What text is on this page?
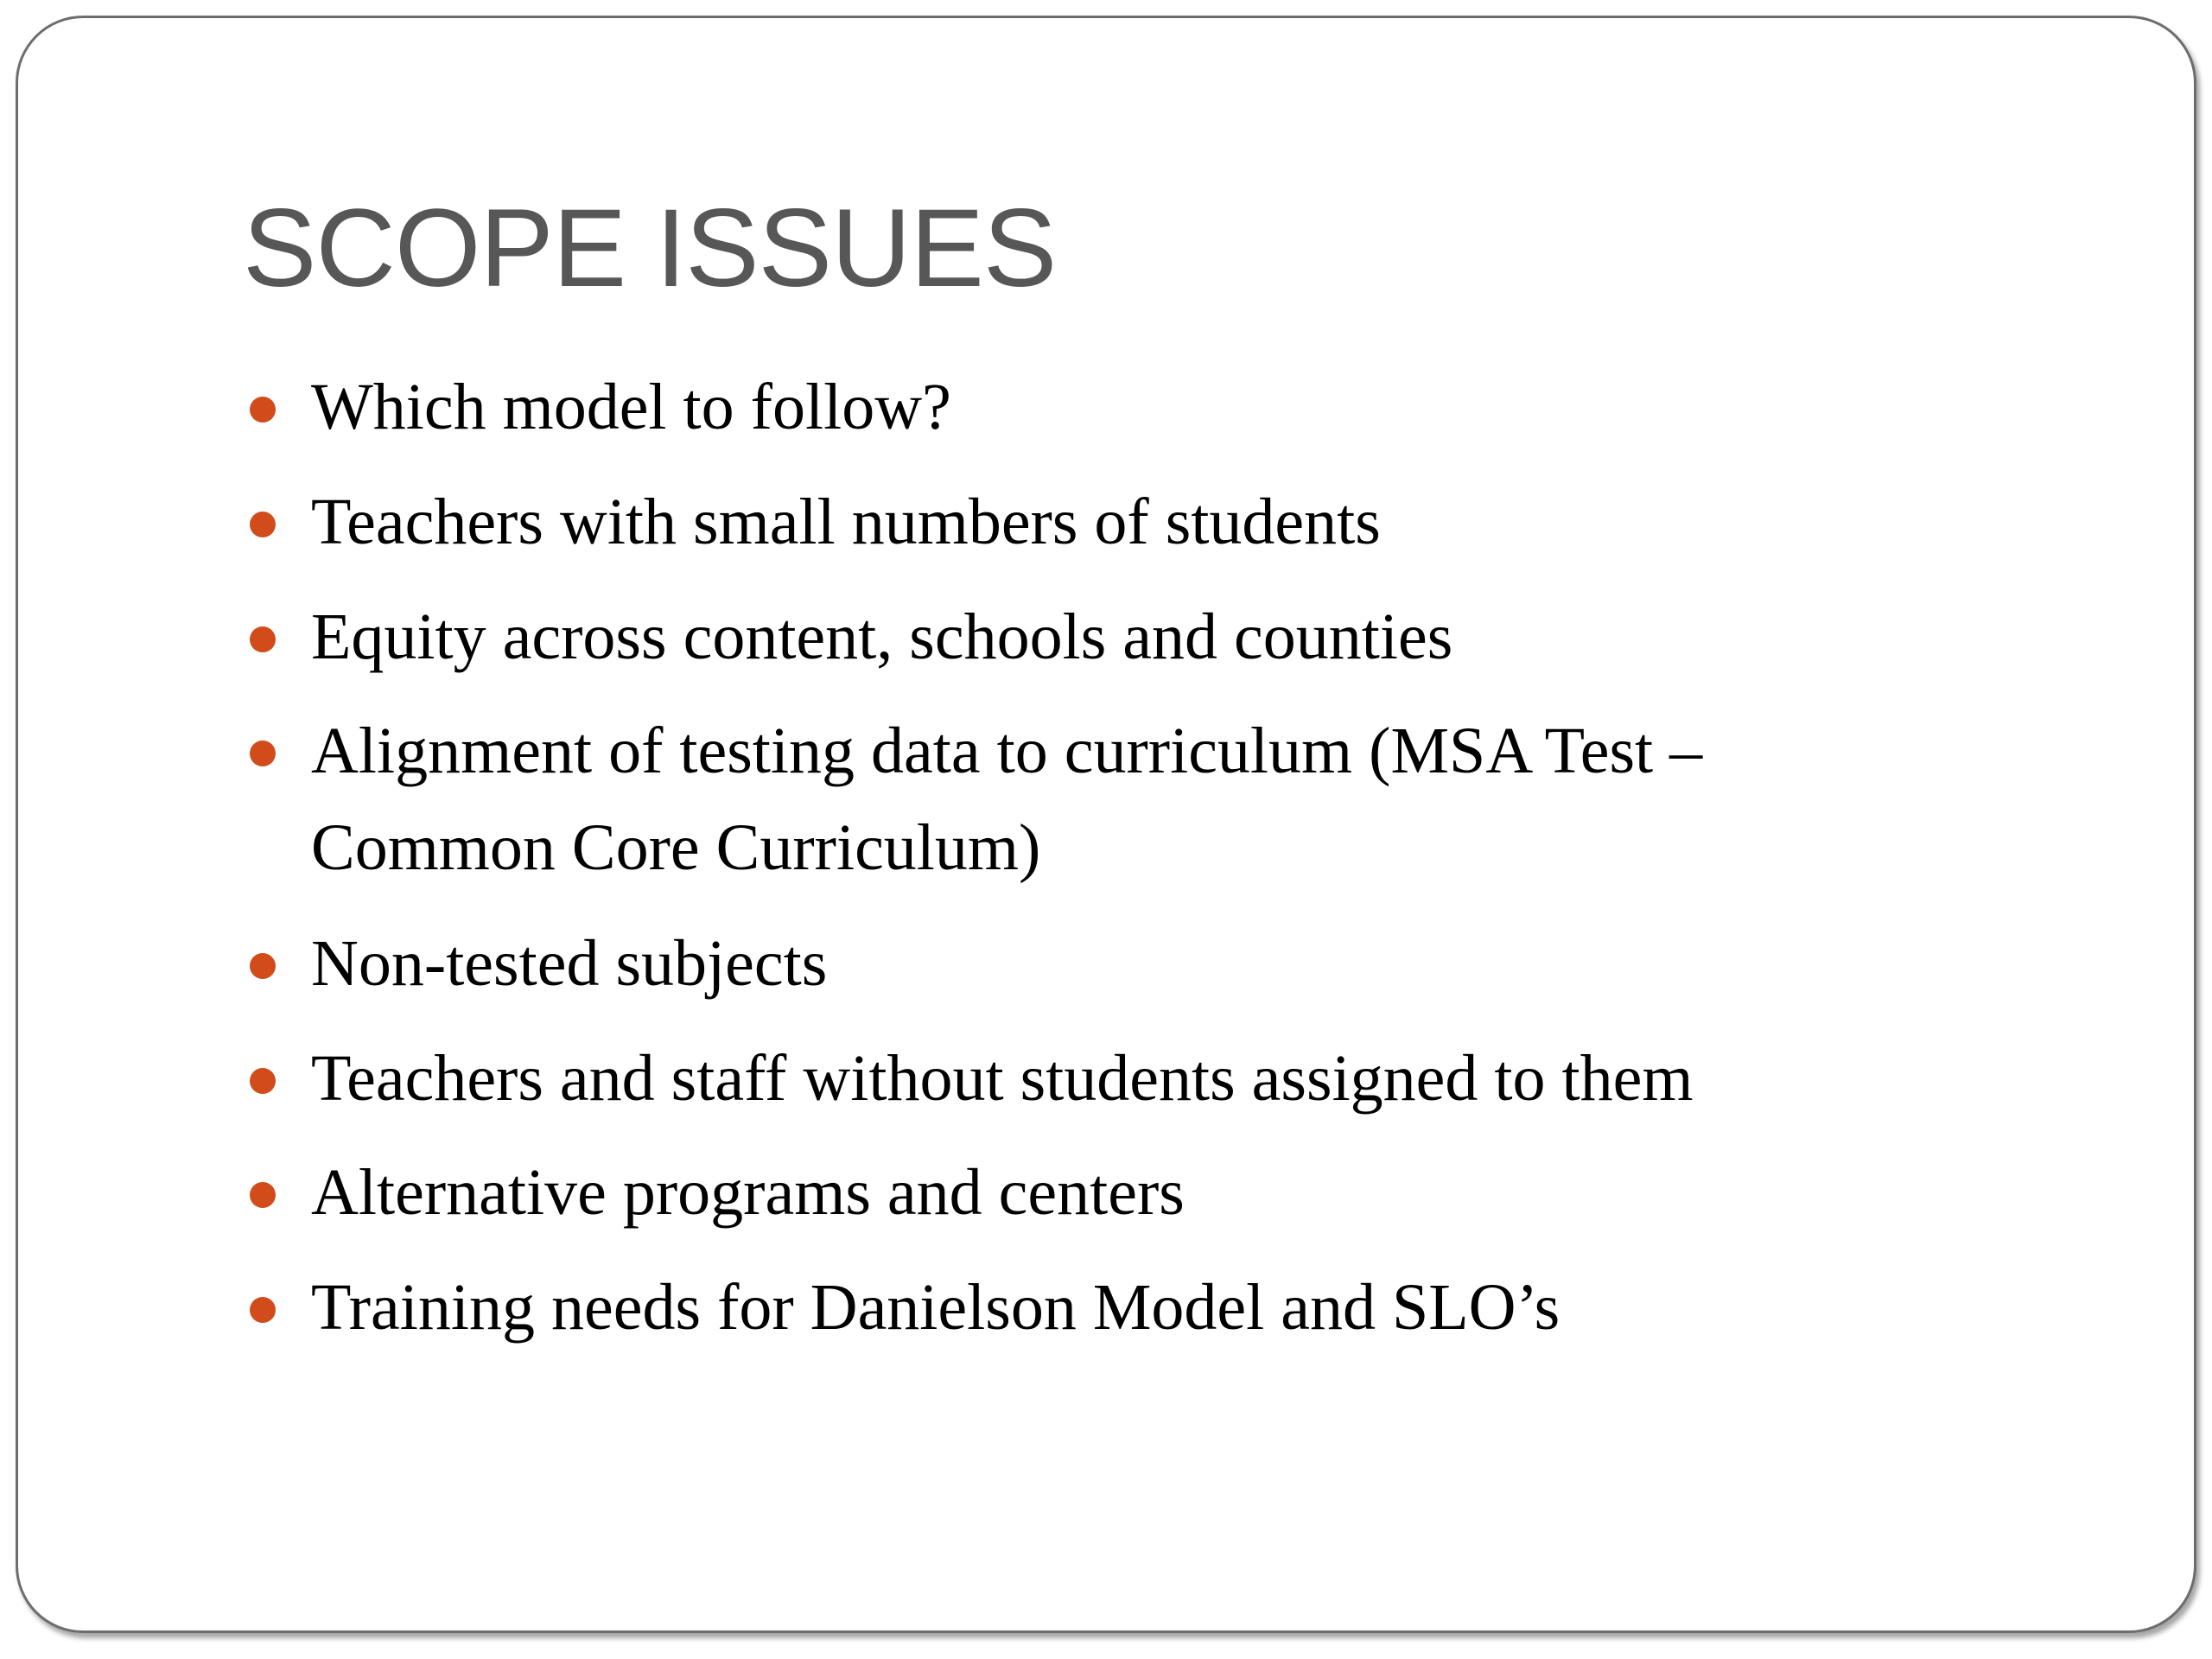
SCOPE ISSUES
Which model to follow?
Teachers with small numbers of students
Equity across content, schools and counties
Alignment of testing data to curriculum (MSA Test – Common Core Curriculum)
Non-tested subjects
Teachers and staff without students assigned to them
Alternative programs and centers
Training needs for Danielson Model and SLO’s
